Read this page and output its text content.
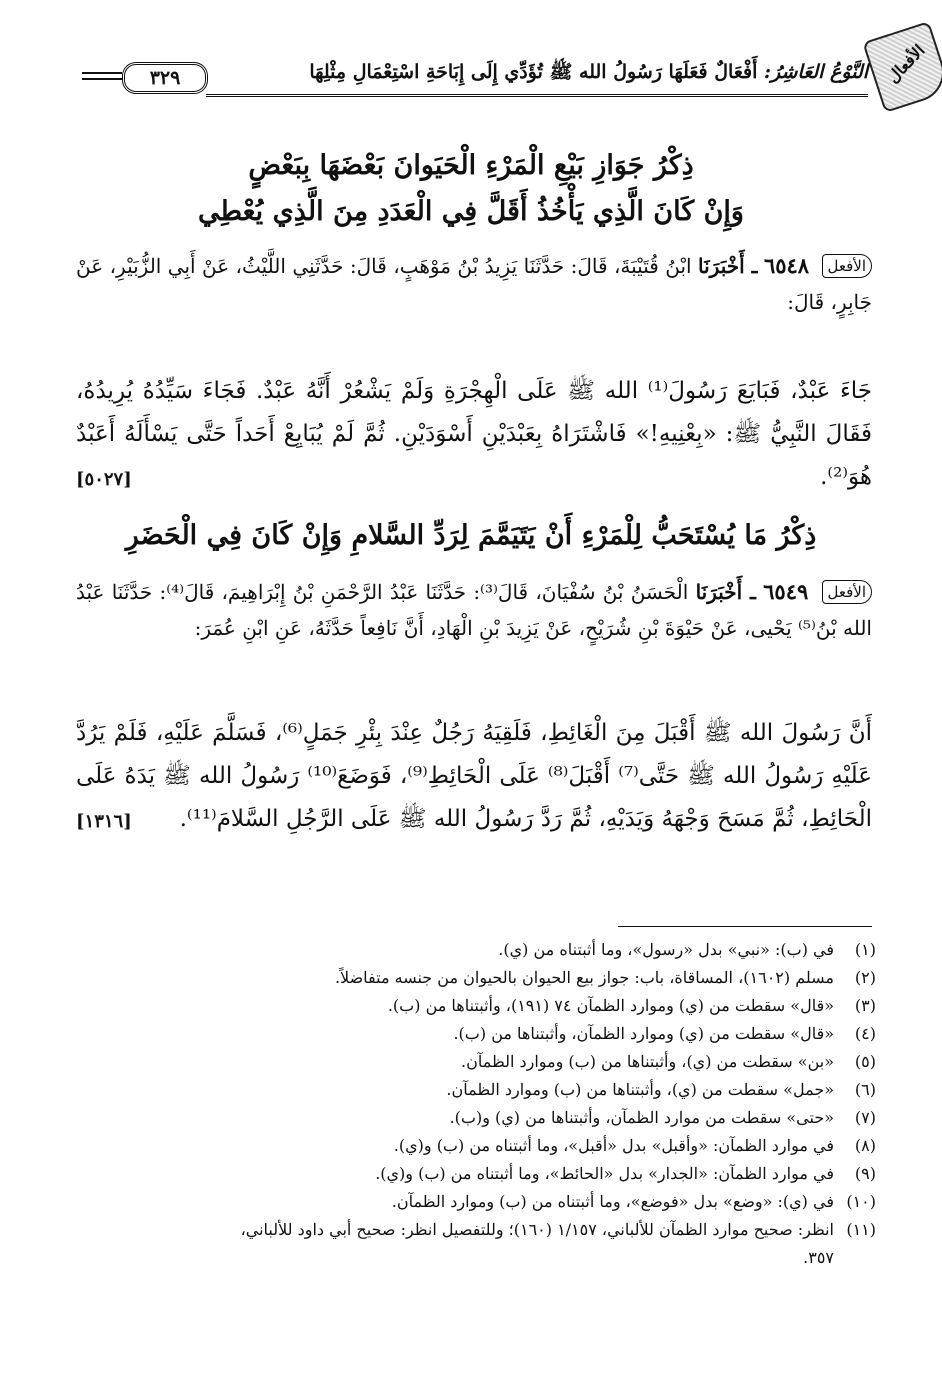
الأفعال
النَّوْعُ العَاشِرُ: أَفْعَالٌ فَعَلَهَا رَسُولُ الله ﷺ تُؤَدِّي إِلَى إِبَاحَةِ اسْتِعْمَالِ مِثْلِهَا
٣٢٩
ذِكْرُ جَوَازِ بَيْعِ الْمَرْءِ الْحَيَوانَ بَعْضَهَا بِبَعْضٍ
وَإِنْ كَانَ الَّذِي يَأْخُذُ أَقَلَّ فِي الْعَدَدِ مِنَ الَّذِي يُعْطِي
الأفعل ٦٥٤٨ ـ أَخْبَرَنَا ابْنُ قُتَيْبَةَ، قَالَ: حَدَّثَنَا يَزِيدُ بْنُ مَوْهَبٍ، قَالَ: حَدَّثَنِي اللَّيْثُ، عَنْ أَبِي الزُّبَيْرِ، عَنْ جَابِرٍ، قَالَ:
جَاءَ عَبْدٌ، فَبَايَعَ رَسُولَ⁽¹⁾ الله ﷺ عَلَى الْهِجْرَةِ وَلَمْ يَشْعُرْ أَنَّهُ عَبْدٌ. فَجَاءَ سَيِّدُهُ يُرِيدُهُ، فَقَالَ النَّبِيُّ ﷺ: «بِعْنِيهِ!» فَاشْتَرَاهُ بِعَبْدَيْنِ أَسْوَدَيْنِ. ثُمَّ لَمْ يُبَايِعْ أَحَداً حَتَّى يَسْأَلَهُ أَعَبْدٌ هُوَ⁽²⁾.
[٥٠٢٧]
ذِكْرُ مَا يُسْتَحَبُّ لِلْمَرْءِ أَنْ يَتَيَمَّمَ لِرَدِّ السَّلامِ وَإِنْ كَانَ فِي الْحَضَرِ
الأفعل ٦٥٤٩ ـ أَخْبَرَنَا الْحَسَنُ بْنُ سُفْيَانَ، قَالَ⁽³⁾: حَدَّثَنَا عَبْدُ الرَّحْمَنِ بْنُ إِبْرَاهِيمَ، قَالَ⁽⁴⁾: حَدَّثَنَا عَبْدُ الله بْنُ⁽⁵⁾ يَحْيى، عَنْ حَيْوَةَ بْنِ شُرَيْحٍ، عَنْ يَزِيدَ بْنِ الْهَادِ، أَنَّ نَافِعاً حَدَّثَهُ، عَنِ ابْنِ عُمَرَ:
أَنَّ رَسُولَ الله ﷺ أَقْبَلَ مِنَ الْغَائِطِ، فَلَقِيَهُ رَجُلٌ عِنْدَ بِئْرِ جَمَلٍ⁽⁶⁾، فَسَلَّمَ عَلَيْهِ، فَلَمْ يَرُدَّ عَلَيْهِ رَسُولُ الله ﷺ حَتَّى⁽⁷⁾ أَقْبَلَ⁽⁸⁾ عَلَى الْحَائِطِ⁽⁹⁾، فَوَضَعَ⁽¹⁰⁾ رَسُولُ الله ﷺ يَدَهُ عَلَى الْحَائِطِ، ثُمَّ مَسَحَ وَجْهَهُ وَيَدَيْهِ، ثُمَّ رَدَّ رَسُولُ الله ﷺ عَلَى الرَّجُلِ السَّلامَ⁽¹¹⁾.
[١٣١٦]
(١)في (ب): «نبي» بدل «رسول»، وما أثبتناه من (ي).
(٢)مسلم (١٦٠٢)، المساقاة، باب: جواز بيع الحيوان بالحيوان من جنسه متفاضلاً.
(٣)«قال» سقطت من (ي) وموارد الظمآن ٧٤ (١٩١)، وأثبتناها من (ب).
(٤)«قال» سقطت من (ي) وموارد الظمآن، وأثبتناها من (ب).
(٥)«بن» سقطت من (ي)، وأثبتناها من (ب) وموارد الظمآن.
(٦)«جمل» سقطت من (ي)، وأثبتناها من (ب) وموارد الظمآن.
(٧)«حتى» سقطت من موارد الظمآن، وأثبتناها من (ي) و(ب).
(٨)في موارد الظمآن: «وأقبل» بدل «أقبل»، وما أثبتناه من (ب) و(ي).
(٩)في موارد الظمآن: «الجدار» بدل «الحائط»، وما أثبتناه من (ب) و(ي).
(١٠)في (ي): «وضع» بدل «فوضع»، وما أثبتناه من (ب) وموارد الظمآن.
(١١)انظر: صحيح موارد الظمآن للألباني، ١/١٥٧ (١٦٠)؛ وللتفصيل انظر: صحيح أبي داود للألباني،
٣٥٧.
